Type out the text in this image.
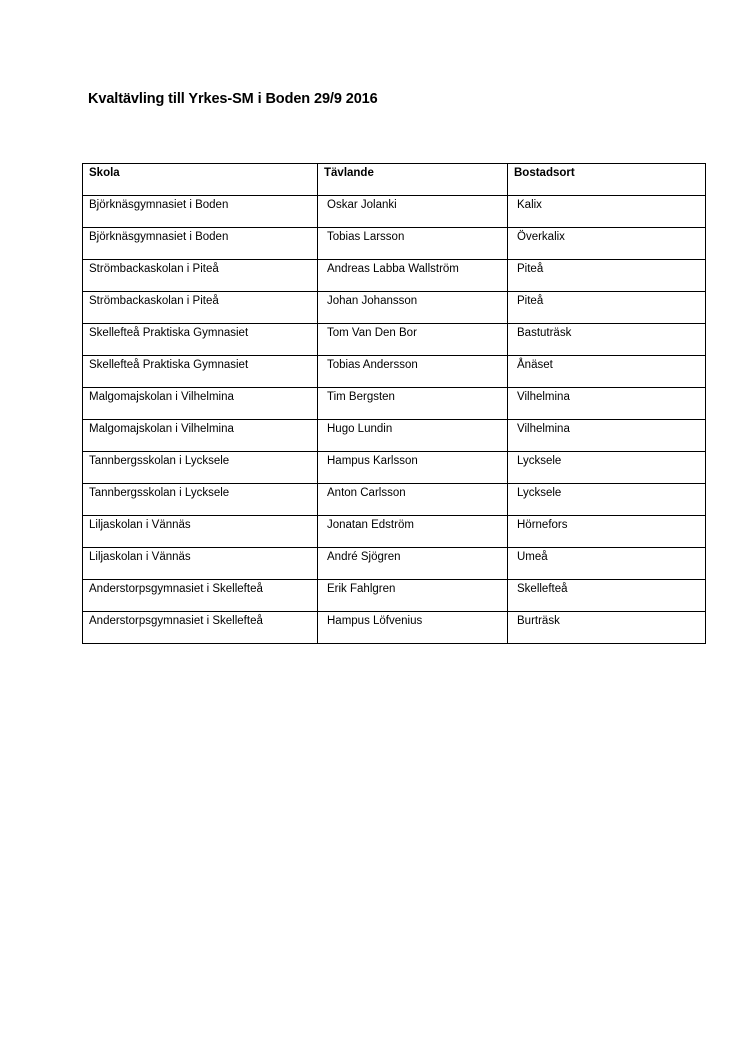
Kvaltävling till Yrkes-SM i Boden 29/9 2016
Skola	Tävlande	Bostadsort
Björknäsgymnasiet i Boden	Oskar Jolanki	Kalix
Björknäsgymnasiet i Boden	Tobias Larsson	Överkalix
Strömbackaskolan i Piteå	Andreas Labba Wallström	Piteå
Strömbackaskolan i Piteå	Johan Johansson	Piteå
Skellefteå Praktiska Gymnasiet	Tom Van Den Bor	Bastuträsk
Skellefteå Praktiska Gymnasiet	Tobias Andersson	Ånäset
Malgomajskolan i Vilhelmina	Tim Bergsten	Vilhelmina
Malgomajskolan i Vilhelmina	Hugo Lundin	Vilhelmina
Tannbergsskolan i Lycksele	Hampus Karlsson	Lycksele
Tannbergsskolan i Lycksele	Anton Carlsson	Lycksele
Liljaskolan i Vännäs	Jonatan Edström	Hörnefors
Liljaskolan i Vännäs	André Sjögren	Umeå
Anderstorpsgymnasiet i Skellefteå	Erik Fahlgren	Skellefteå
Anderstorpsgymnasiet i Skellefteå	Hampus Löfvenius	Burträsk
